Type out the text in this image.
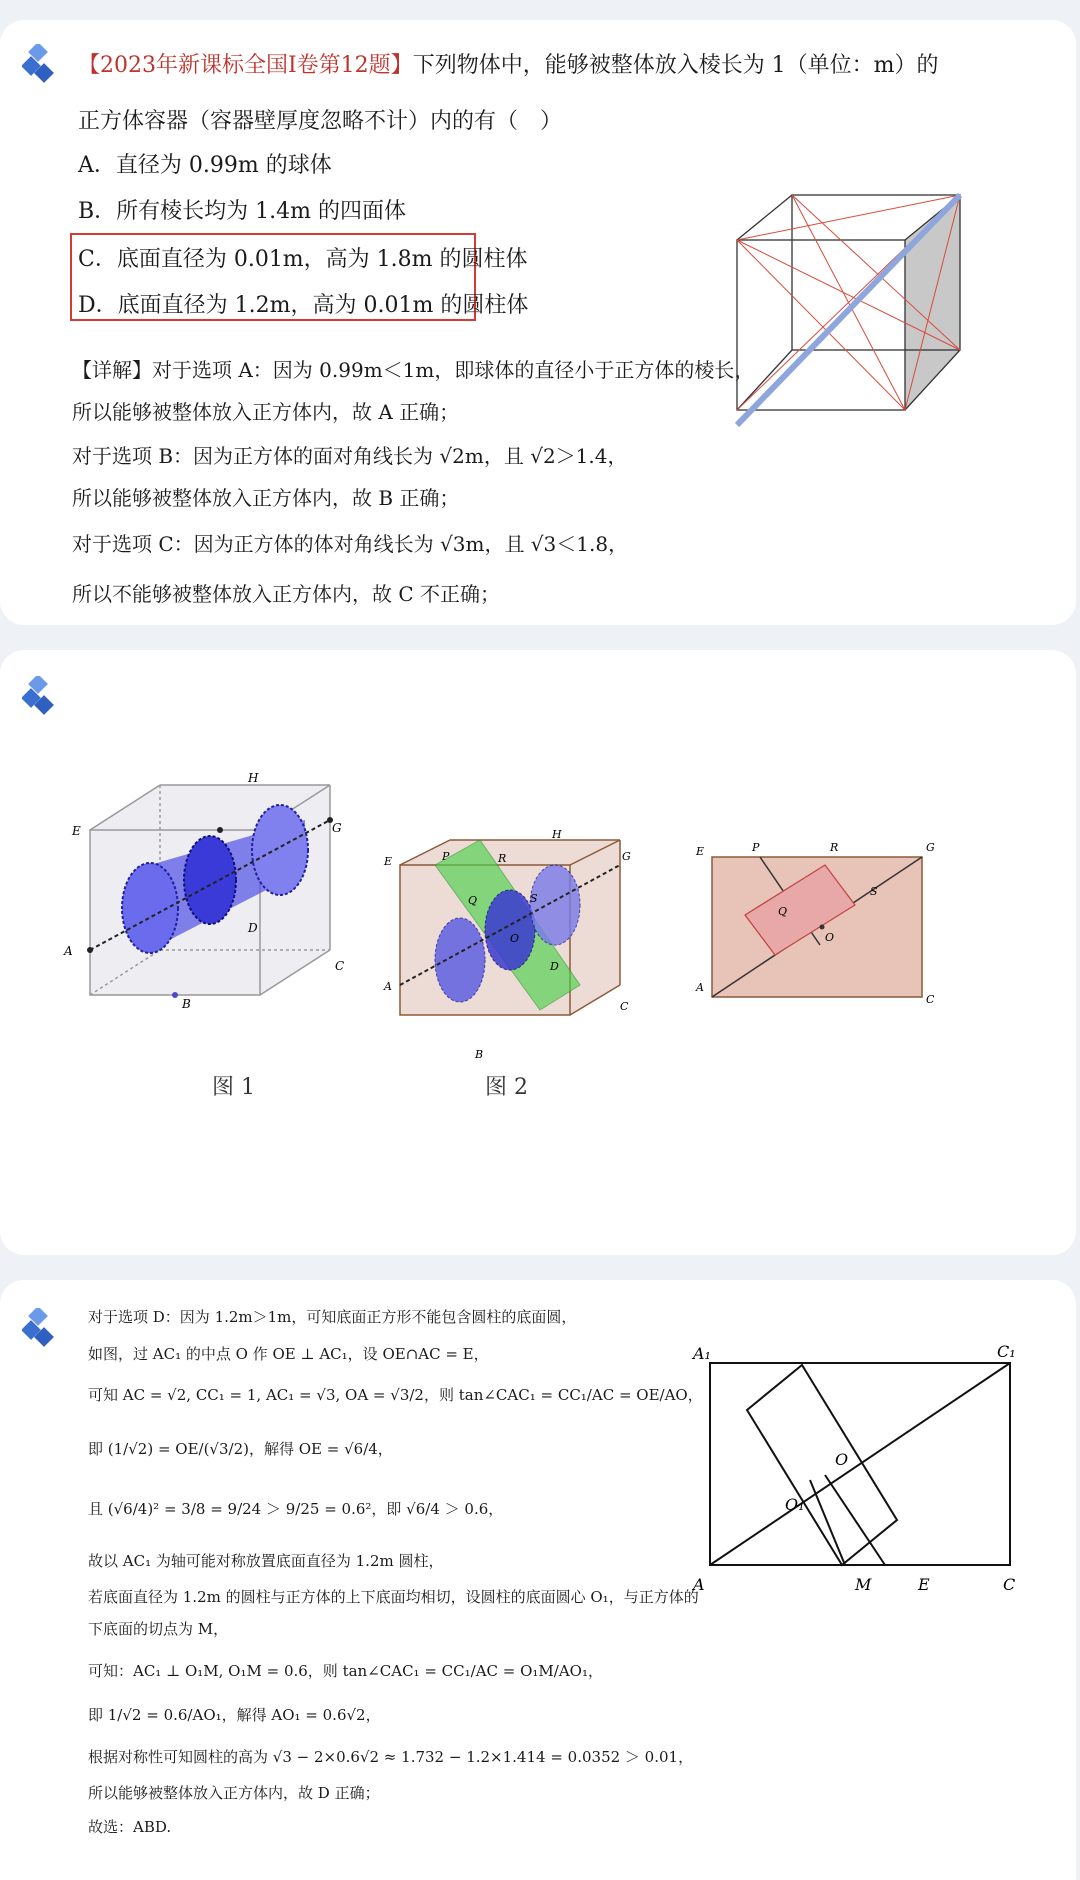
【2023年新课标全国Ⅰ卷第12题】下列物体中，能够被整体放入棱长为 1（单位：m）的
正方体容器（容器壁厚度忽略不计）内的有（　）
A．直径为 0.99m 的球体
B．所有棱长均为 1.4m 的四面体
C．底面直径为 0.01m，高为 1.8m 的圆柱体
D．底面直径为 1.2m，高为 0.01m 的圆柱体
【详解】对于选项 A：因为 0.99m＜1m，即球体的直径小于正方体的棱长，
所以能够被整体放入正方体内，故 A 正确；
对于选项 B：因为正方体的面对角线长为 √2m，且 √2＞1.4，
所以能够被整体放入正方体内，故 B 正确；
对于选项 C：因为正方体的体对角线长为 √3m，且 √3＜1.8，
所以不能够被整体放入正方体内，故 C 不正确；
E
H
G
A
B
C
D
图 1
E	P	R
H
G
A
B
C
D
Q	S
O
图 2
E	P	R	G
Q
S
O
A
C
对于选项 D：因为 1.2m＞1m，可知底面正方形不能包含圆柱的底面圆，
如图，过 AC₁ 的中点 O 作 OE ⊥ AC₁，设 OE∩AC = E，
可知 AC = √2, CC₁ = 1, AC₁ = √3, OA = √3/2，则 tan∠CAC₁ = CC₁/AC = OE/AO，
即 (1/√2) = OE/(√3/2)，解得 OE = √6/4，
且 (√6/4)² = 3/8 = 9/24 ＞ 9/25 = 0.6²，即 √6/4 ＞ 0.6，
故以 AC₁ 为轴可能对称放置底面直径为 1.2m 圆柱，
若底面直径为 1.2m 的圆柱与正方体的上下底面均相切，设圆柱的底面圆心 O₁，与正方体的
下底面的切点为 M，
可知：AC₁ ⊥ O₁M, O₁M = 0.6，则 tan∠CAC₁ = CC₁/AC = O₁M/AO₁，
即 1/√2 = 0.6/AO₁，解得 AO₁ = 0.6√2，
根据对称性可知圆柱的高为 √3 − 2×0.6√2 ≈ 1.732 − 1.2×1.414 = 0.0352 ＞ 0.01，
所以能够被整体放入正方体内，故 D 正确；
故选：ABD.
A₁	C₁
O
O₁
A	M	E	C
